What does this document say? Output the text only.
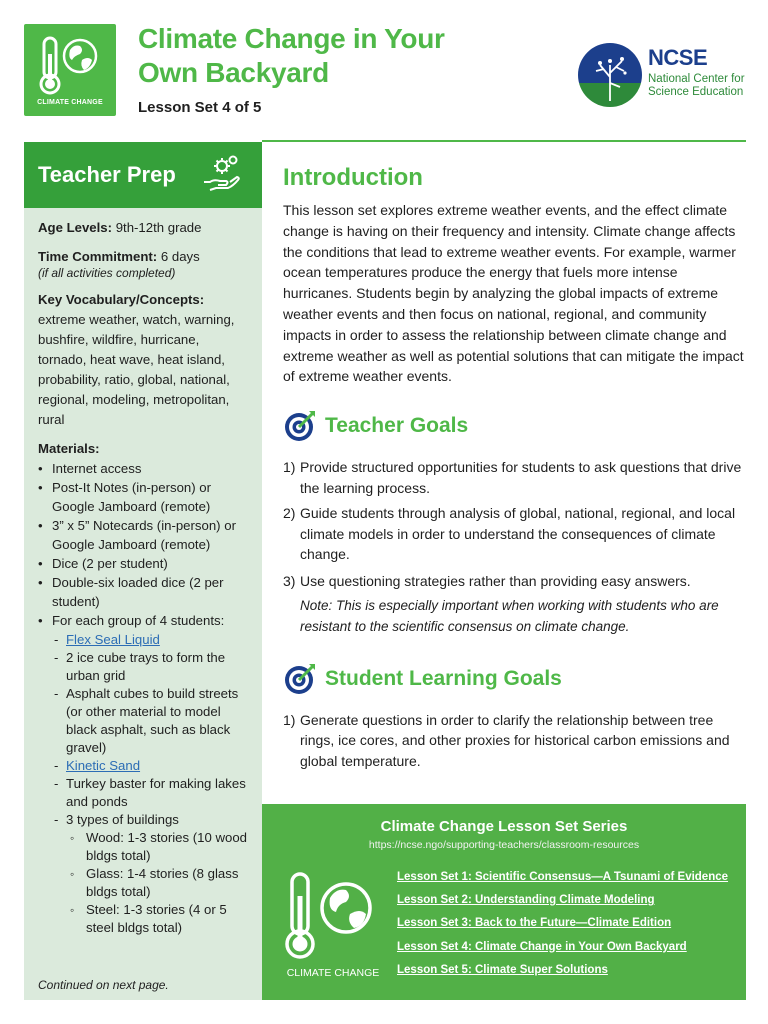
CLIMATE CHANGE
Climate Change in Your
Own Backyard
Lesson Set 4 of 5
NCSE
National Center for
Science Education
Teacher Prep
Age Levels: 9th-12th grade
Time Commitment: 6 days
(if all activities completed)
Key Vocabulary/Concepts:
extreme weather, watch, warning, bushfire, wildfire, hurricane, tornado, heat wave, heat island, probability, ratio, global, national, regional, modeling, metropolitan, rural
Materials:
• Internet access
• Post-It Notes (in-person) or Google Jamboard (remote)
• 3” x 5” Notecards (in-person) or Google Jamboard (remote)
• Dice (2 per student)
• Double-six loaded dice (2 per student)
• For each group of 4 students:
- Flex Seal Liquid
- 2 ice cube trays to form the urban grid
- Asphalt cubes to build streets (or other material to model black asphalt, such as black gravel)
- Kinetic Sand
- Turkey baster for making lakes and ponds
- 3 types of buildings
◦ Wood: 1-3 stories (10 wood bldgs total)
◦ Glass: 1-4 stories (8 glass bldgs total)
◦ Steel: 1-3 stories (4 or 5 steel bldgs total)
Continued on next page.
Introduction

This lesson set explores extreme weather events, and the effect climate change is having on their frequency and intensity. Climate change affects the conditions that lead to extreme weather events. For example, warmer ocean temperatures produce the energy that fuels more intense hurricanes. Students begin by analyzing the global impacts of extreme weather events and then focus on national, regional, and community impacts in order to assess the relationship between climate change and extreme weather as well as potential solutions that can mitigate the impact of extreme weather events.

Teacher Goals
1) Provide structured opportunities for students to ask questions that drive the learning process.
2) Guide students through analysis of global, national, regional, and local climate models in order to understand the consequences of climate change.
3) Use questioning strategies rather than providing easy answers.
Note: This is especially important when working with students who are resistant to the scientific consensus on climate change.
Student Learning Goals
1) Generate questions in order to clarify the relationship between tree rings, ice cores, and other proxies for historical carbon emissions and global temperature.
Climate Change Lesson Set Series
https://ncse.ngo/supporting-teachers/classroom-resources
CLIMATE CHANGE
Lesson Set 1: Scientific Consensus—A Tsunami of Evidence
Lesson Set 2: Understanding Climate Modeling
Lesson Set 3: Back to the Future—Climate Edition
Lesson Set 4: Climate Change in Your Own Backyard
Lesson Set 5: Climate Super Solutions
